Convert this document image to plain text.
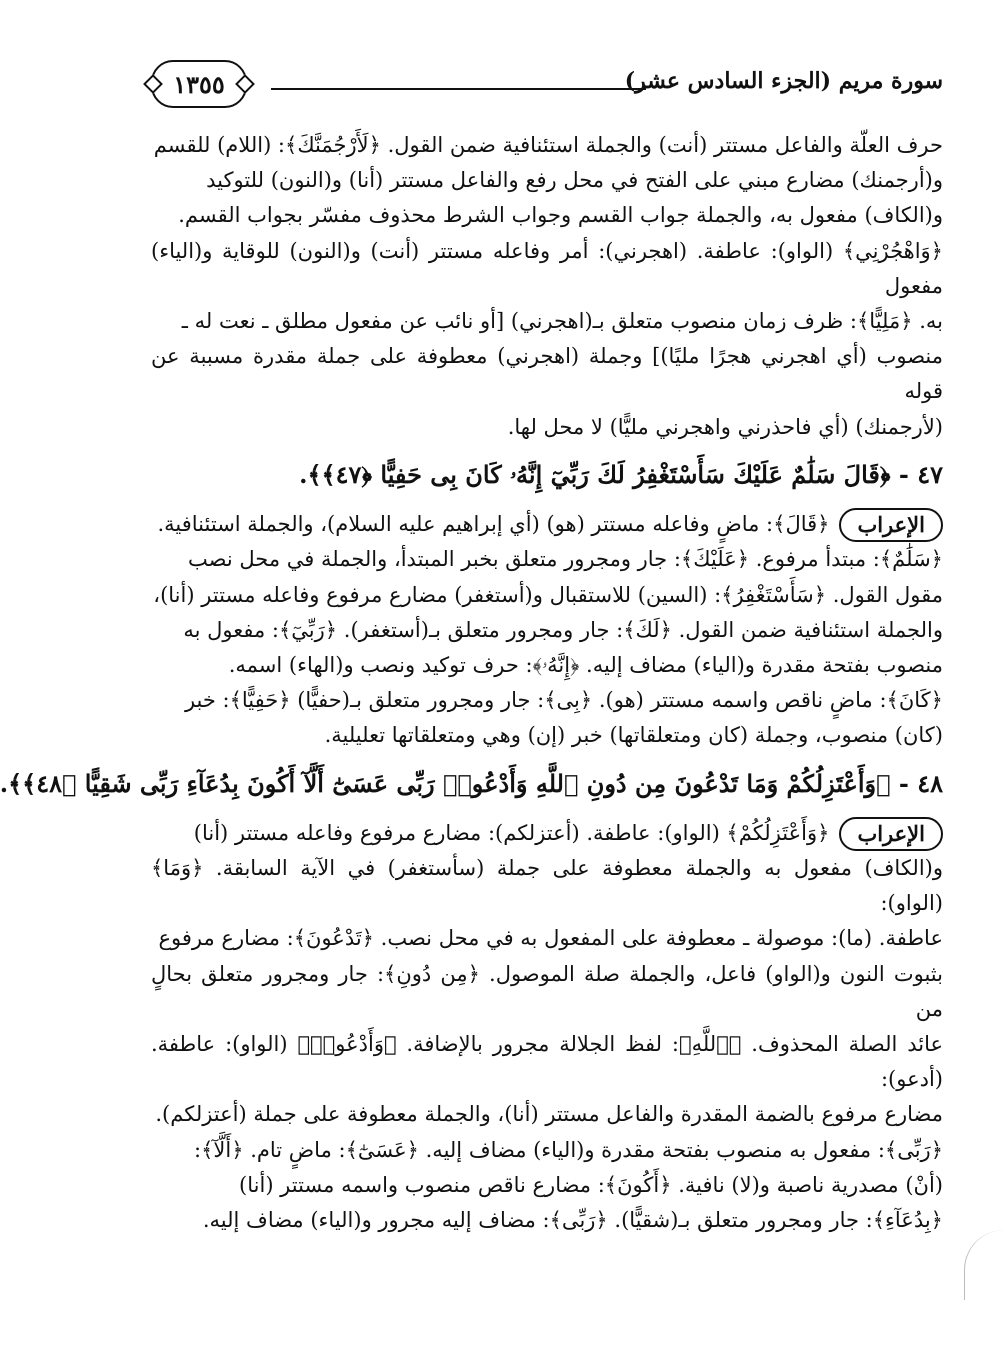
١٣٥٥	سورة مريم (الجزء السادس عشر)

حرف العلّة والفاعل مستتر (أنت) والجملة استئنافية ضمن القول. ﴿لَأَرْجُمَنَّكَ﴾: (اللام) للقسم

و(أرجمنك) مضارع مبني على الفتح في محل رفع والفاعل مستتر (أنا) و(النون) للتوكيد

و(الكاف) مفعول به، والجملة جواب القسم وجواب الشرط محذوف مفسّر بجواب القسم.

﴿وَاهْجُرْنِي﴾ (الواو): عاطفة. (اهجرني): أمر وفاعله مستتر (أنت) و(النون) للوقاية و(الياء) مفعول

به. ﴿مَلِيًّا﴾: ظرف زمان منصوب متعلق بـ(اهجرني) [أو نائب عن مفعول مطلق ـ نعت له ـ

منصوب (أي اهجرني هجرًا مليًا)] وجملة (اهجرني) معطوفة على جملة مقدرة مسببة عن قوله

(لأرجمنك) (أي فاحذرني واهجرني مليًّا) لا محل لها.

٤٧ - ﴿قَالَ سَلَٰمٌ عَلَيْكَ سَأَسْتَغْفِرُ لَكَ رَبِّيٓ إِنَّهُۥ كَانَ بِى حَفِيًّا ﴿٤٧﴾﴾.

الإعراب﴿قَالَ﴾: ماضٍ وفاعله مستتر (هو) (أي إبراهيم عليه السلام)، والجملة استئنافية.

﴿سَلَٰمٌ﴾: مبتدأ مرفوع. ﴿عَلَيْكَ﴾: جار ومجرور متعلق بخبر المبتدأ، والجملة في محل نصب

مقول القول. ﴿سَأَسْتَغْفِرُ﴾: (السين) للاستقبال و(أستغفر) مضارع مرفوع وفاعله مستتر (أنا)،

والجملة استئنافية ضمن القول. ﴿لَكَ﴾: جار ومجرور متعلق بـ(أستغفر). ﴿رَبِّيٓ﴾: مفعول به

منصوب بفتحة مقدرة و(الياء) مضاف إليه. ﴿إِنَّهُۥ﴾: حرف توكيد ونصب و(الهاء) اسمه.

﴿كَانَ﴾: ماضٍ ناقص واسمه مستتر (هو). ﴿بِى﴾: جار ومجرور متعلق بـ(حفيًّا) ﴿حَفِيًّا﴾: خبر

(كان) منصوب، وجملة (كان ومتعلقاتها) خبر (إن) وهي ومتعلقاتها تعليلية.

٤٨ - ﴿وَأَعْتَزِلُكُمْ وَمَا تَدْعُونَ مِن دُونِ ٱللَّهِ وَأَدْعُوا۟ رَبِّى عَسَىٰٓ أَلَّآ أَكُونَ بِدُعَآءِ رَبِّى شَقِيًّا ﴿٤٨﴾﴾.

الإعراب﴿وَأَعْتَزِلُكُمْ﴾ (الواو): عاطفة. (أعتزلكم): مضارع مرفوع وفاعله مستتر (أنا)

و(الكاف) مفعول به والجملة معطوفة على جملة (سأستغفر) في الآية السابقة. ﴿وَمَا﴾ (الواو):

عاطفة. (ما): موصولة ـ معطوفة على المفعول به في محل نصب. ﴿تَدْعُونَ﴾: مضارع مرفوع

بثبوت النون و(الواو) فاعل، والجملة صلة الموصول. ﴿مِن دُونِ﴾: جار ومجرور متعلق بحالٍ من

عائد الصلة المحذوف. ﴿ٱللَّهِ﴾: لفظ الجلالة مجرور بالإضافة. ﴿وَأَدْعُوا۟﴾ (الواو): عاطفة. (أدعو):

مضارع مرفوع بالضمة المقدرة والفاعل مستتر (أنا)، والجملة معطوفة على جملة (أعتزلكم).

﴿رَبِّى﴾: مفعول به منصوب بفتحة مقدرة و(الياء) مضاف إليه. ﴿عَسَىٰٓ﴾: ماضٍ تام. ﴿أَلَّآ﴾:

(أنْ) مصدرية ناصبة و(لا) نافية. ﴿أَكُونَ﴾: مضارع ناقص منصوب واسمه مستتر (أنا)

﴿بِدُعَآءِ﴾: جار ومجرور متعلق بـ(شقيًّا). ﴿رَبِّى﴾: مضاف إليه مجرور و(الياء) مضاف إليه.
